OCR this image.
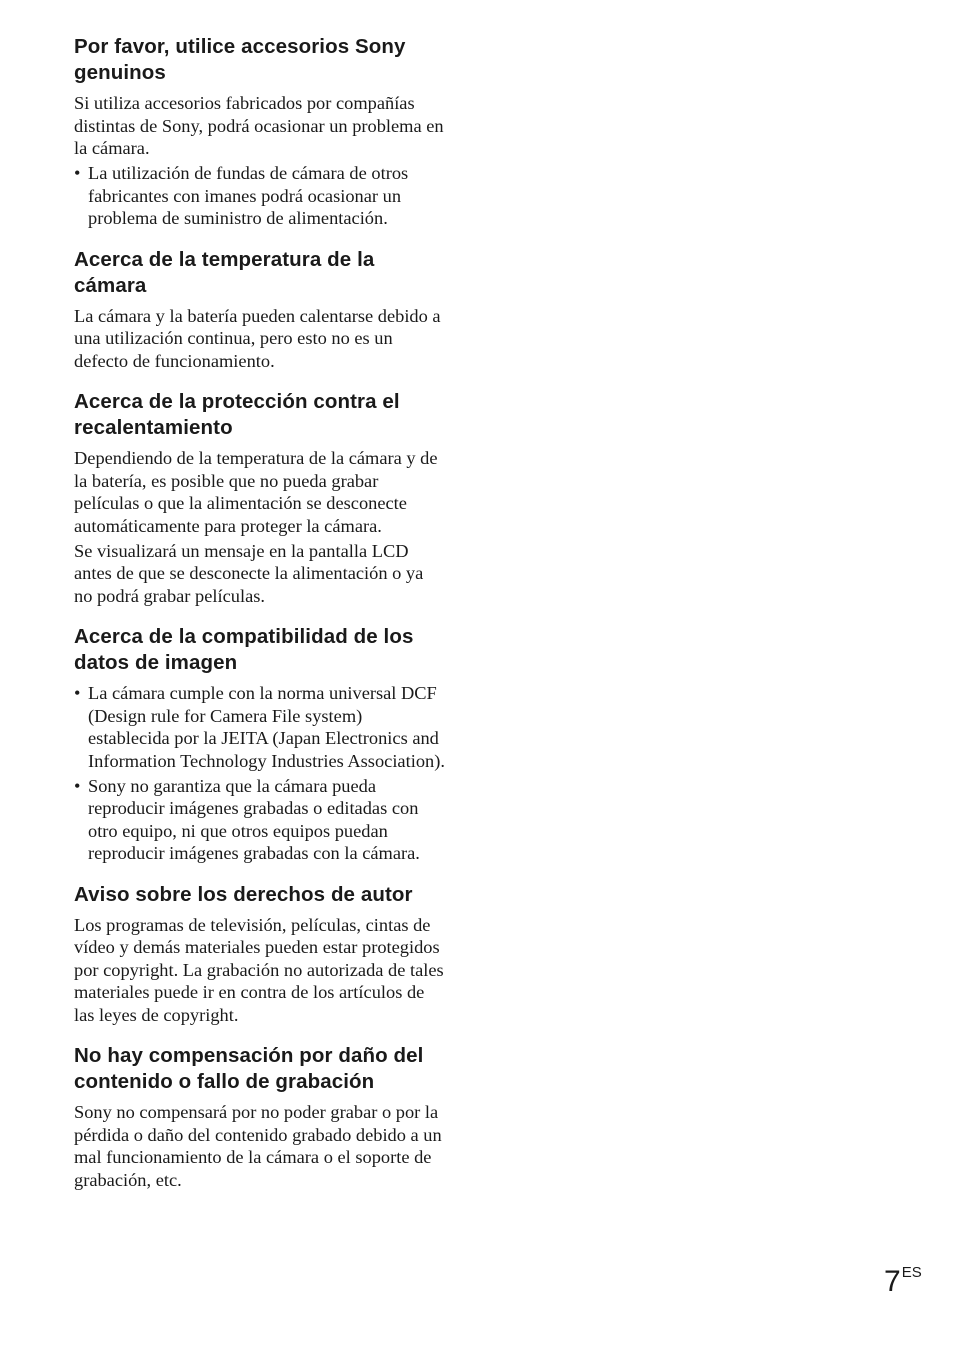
Por favor, utilice accesorios Sony genuinos

Si utiliza accesorios fabricados por compañías distintas de Sony, podrá ocasionar un problema en la cámara.

• La utilización de fundas de cámara de otros fabricantes con imanes podrá ocasionar un problema de suministro de alimentación.
Acerca de la temperatura de la cámara

La cámara y la batería pueden calentarse debido a una utilización continua, pero esto no es un defecto de funcionamiento.

Acerca de la protección contra el recalentamiento

Dependiendo de la temperatura de la cámara y de la batería, es posible que no pueda grabar películas o que la alimentación se desconecte automáticamente para proteger la cámara.

Se visualizará un mensaje en la pantalla LCD antes de que se desconecte la alimentación o ya no podrá grabar películas.

Acerca de la compatibilidad de los datos de imagen
• La cámara cumple con la norma universal DCF (Design rule for Camera File system) establecida por la JEITA (Japan Electronics and Information Technology Industries Association).
• Sony no garantiza que la cámara pueda reproducir imágenes grabadas o editadas con otro equipo, ni que otros equipos puedan reproducir imágenes grabadas con la cámara.
Aviso sobre los derechos de autor

Los programas de televisión, películas, cintas de vídeo y demás materiales pueden estar protegidos por copyright. La grabación no autorizada de tales materiales puede ir en contra de los artículos de las leyes de copyright.

No hay compensación por daño del contenido o fallo de grabación

Sony no compensará por no poder grabar o por la pérdida o daño del contenido grabado debido a un mal funcionamiento de la cámara o el soporte de grabación, etc.

7ES
